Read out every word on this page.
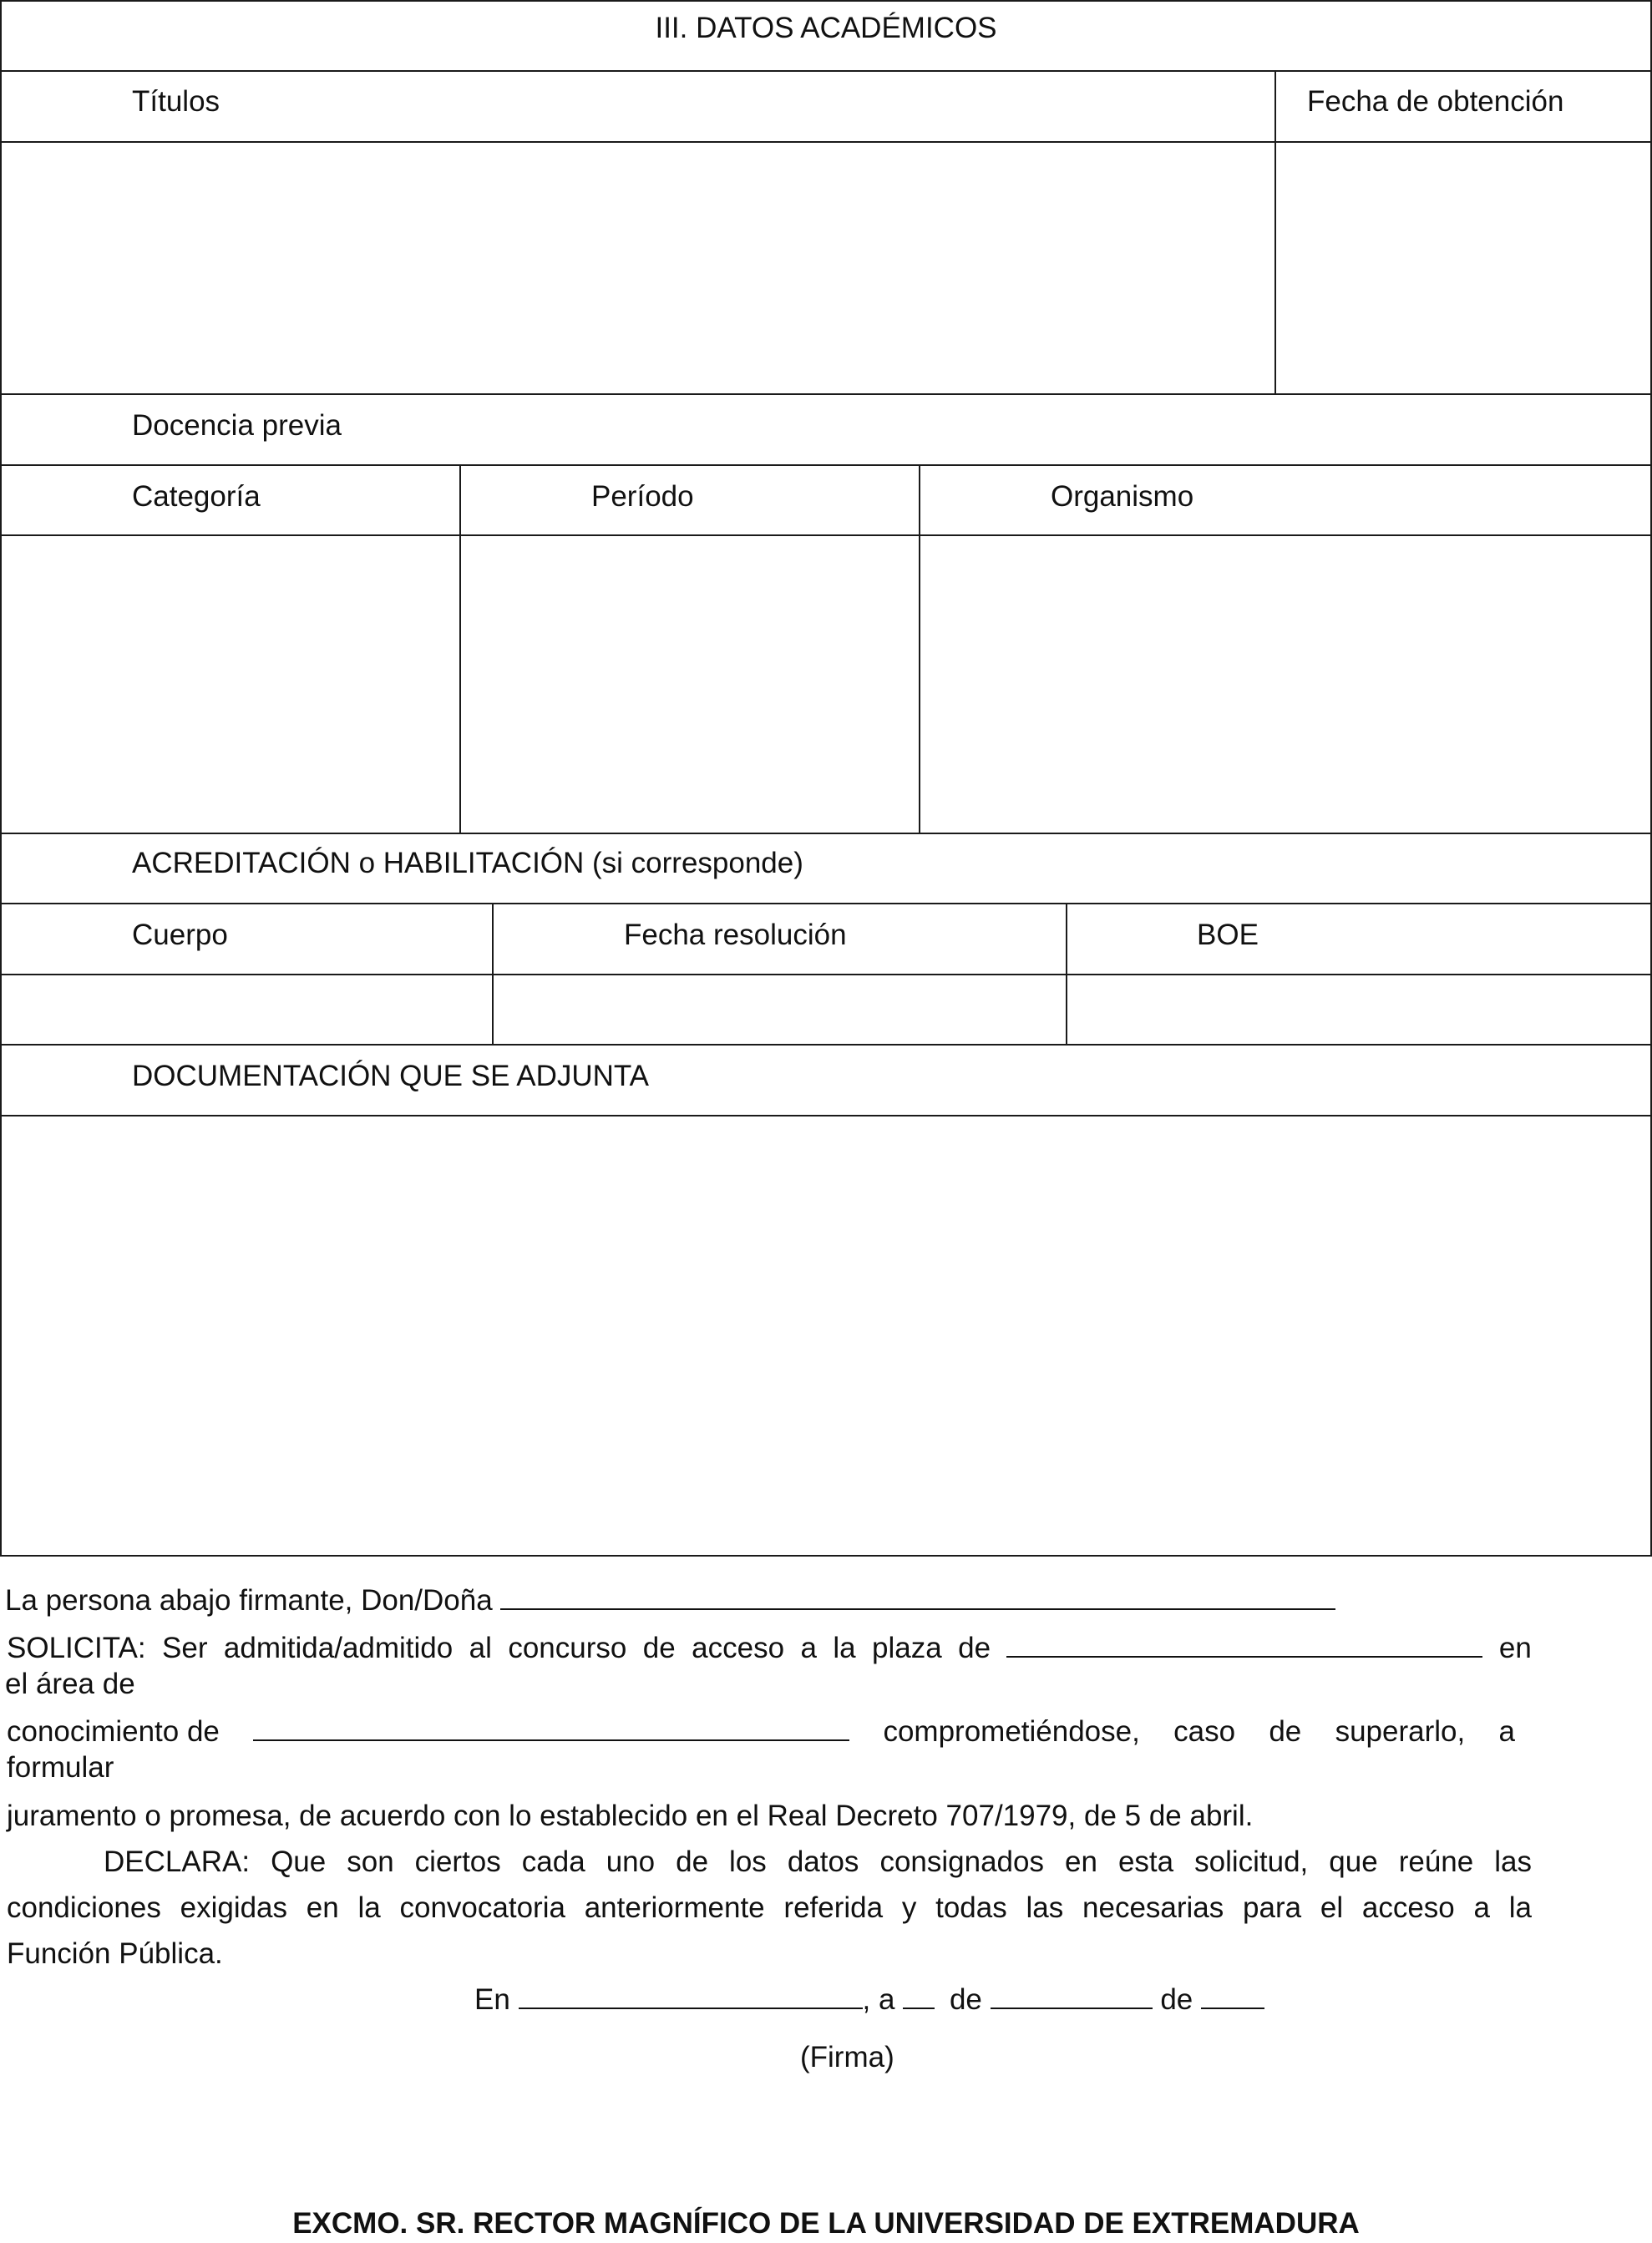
III. DATOS ACADÉMICOS
Títulos	Fecha de obtención
Docencia previa
Categoría	Período	Organismo
ACREDITACIÓN o HABILITACIÓN (si corresponde)
Cuerpo	Fecha resolución	BOE
DOCUMENTACIÓN QUE SE ADJUNTA
La persona abajo firmante, Don/Doña
SOLICITA: Ser admitida/admitido al concurso de acceso a la plaza de	en
el área de
conocimiento de	comprometiéndose, caso de superarlo, a
formular
juramento o promesa, de acuerdo con lo establecido en el Real Decreto 707/1979, de 5 de abril.
DECLARA: Que son ciertos cada uno de los datos consignados en esta solicitud, que reúne las
condiciones exigidas en la convocatoria anteriormente referida y todas las necesarias para el acceso a la
Función Pública.
En	, a de	de
(Firma)
EXCMO. SR. RECTOR MAGNÍFICO DE LA UNIVERSIDAD DE EXTREMADURA
